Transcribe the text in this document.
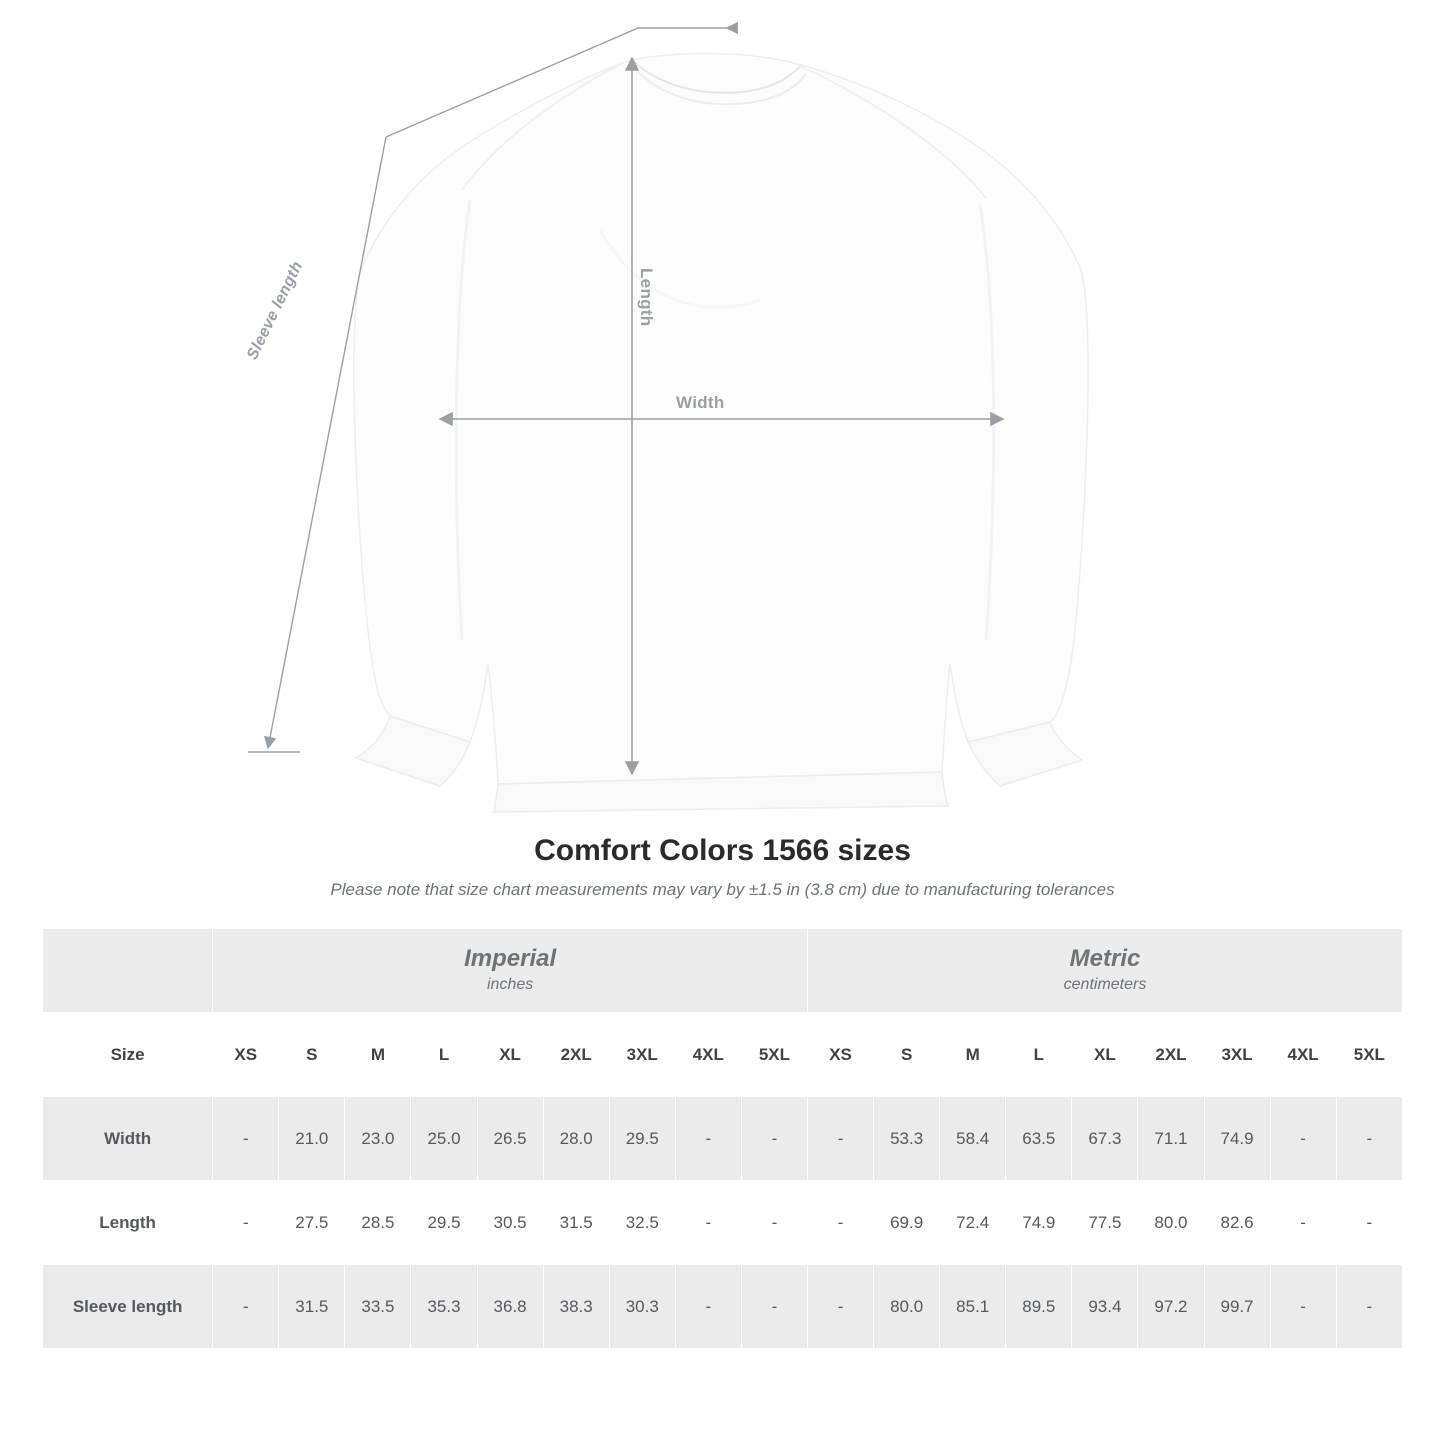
Length
Width
Sleeve length
Comfort Colors 1566 sizes

Please note that size chart measurements may vary by ±1.5 in (3.8 cm) due to manufacturing tolerances

Imperial
inches

Metric
centimeters

Size	XS	S	M	L	XL	2XL	3XL	4XL	5XL	XS	S	M	L	XL	2XL	3XL	4XL	5XL
Width	-	21.0	23.0	25.0	26.5	28.0	29.5	-	-	-	53.3	58.4	63.5	67.3	71.1	74.9	-	-
Length	-	27.5	28.5	29.5	30.5	31.5	32.5	-	-	-	69.9	72.4	74.9	77.5	80.0	82.6	-	-
Sleeve length	-	31.5	33.5	35.3	36.8	38.3	30.3	-	-	-	80.0	85.1	89.5	93.4	97.2	99.7	-	-
